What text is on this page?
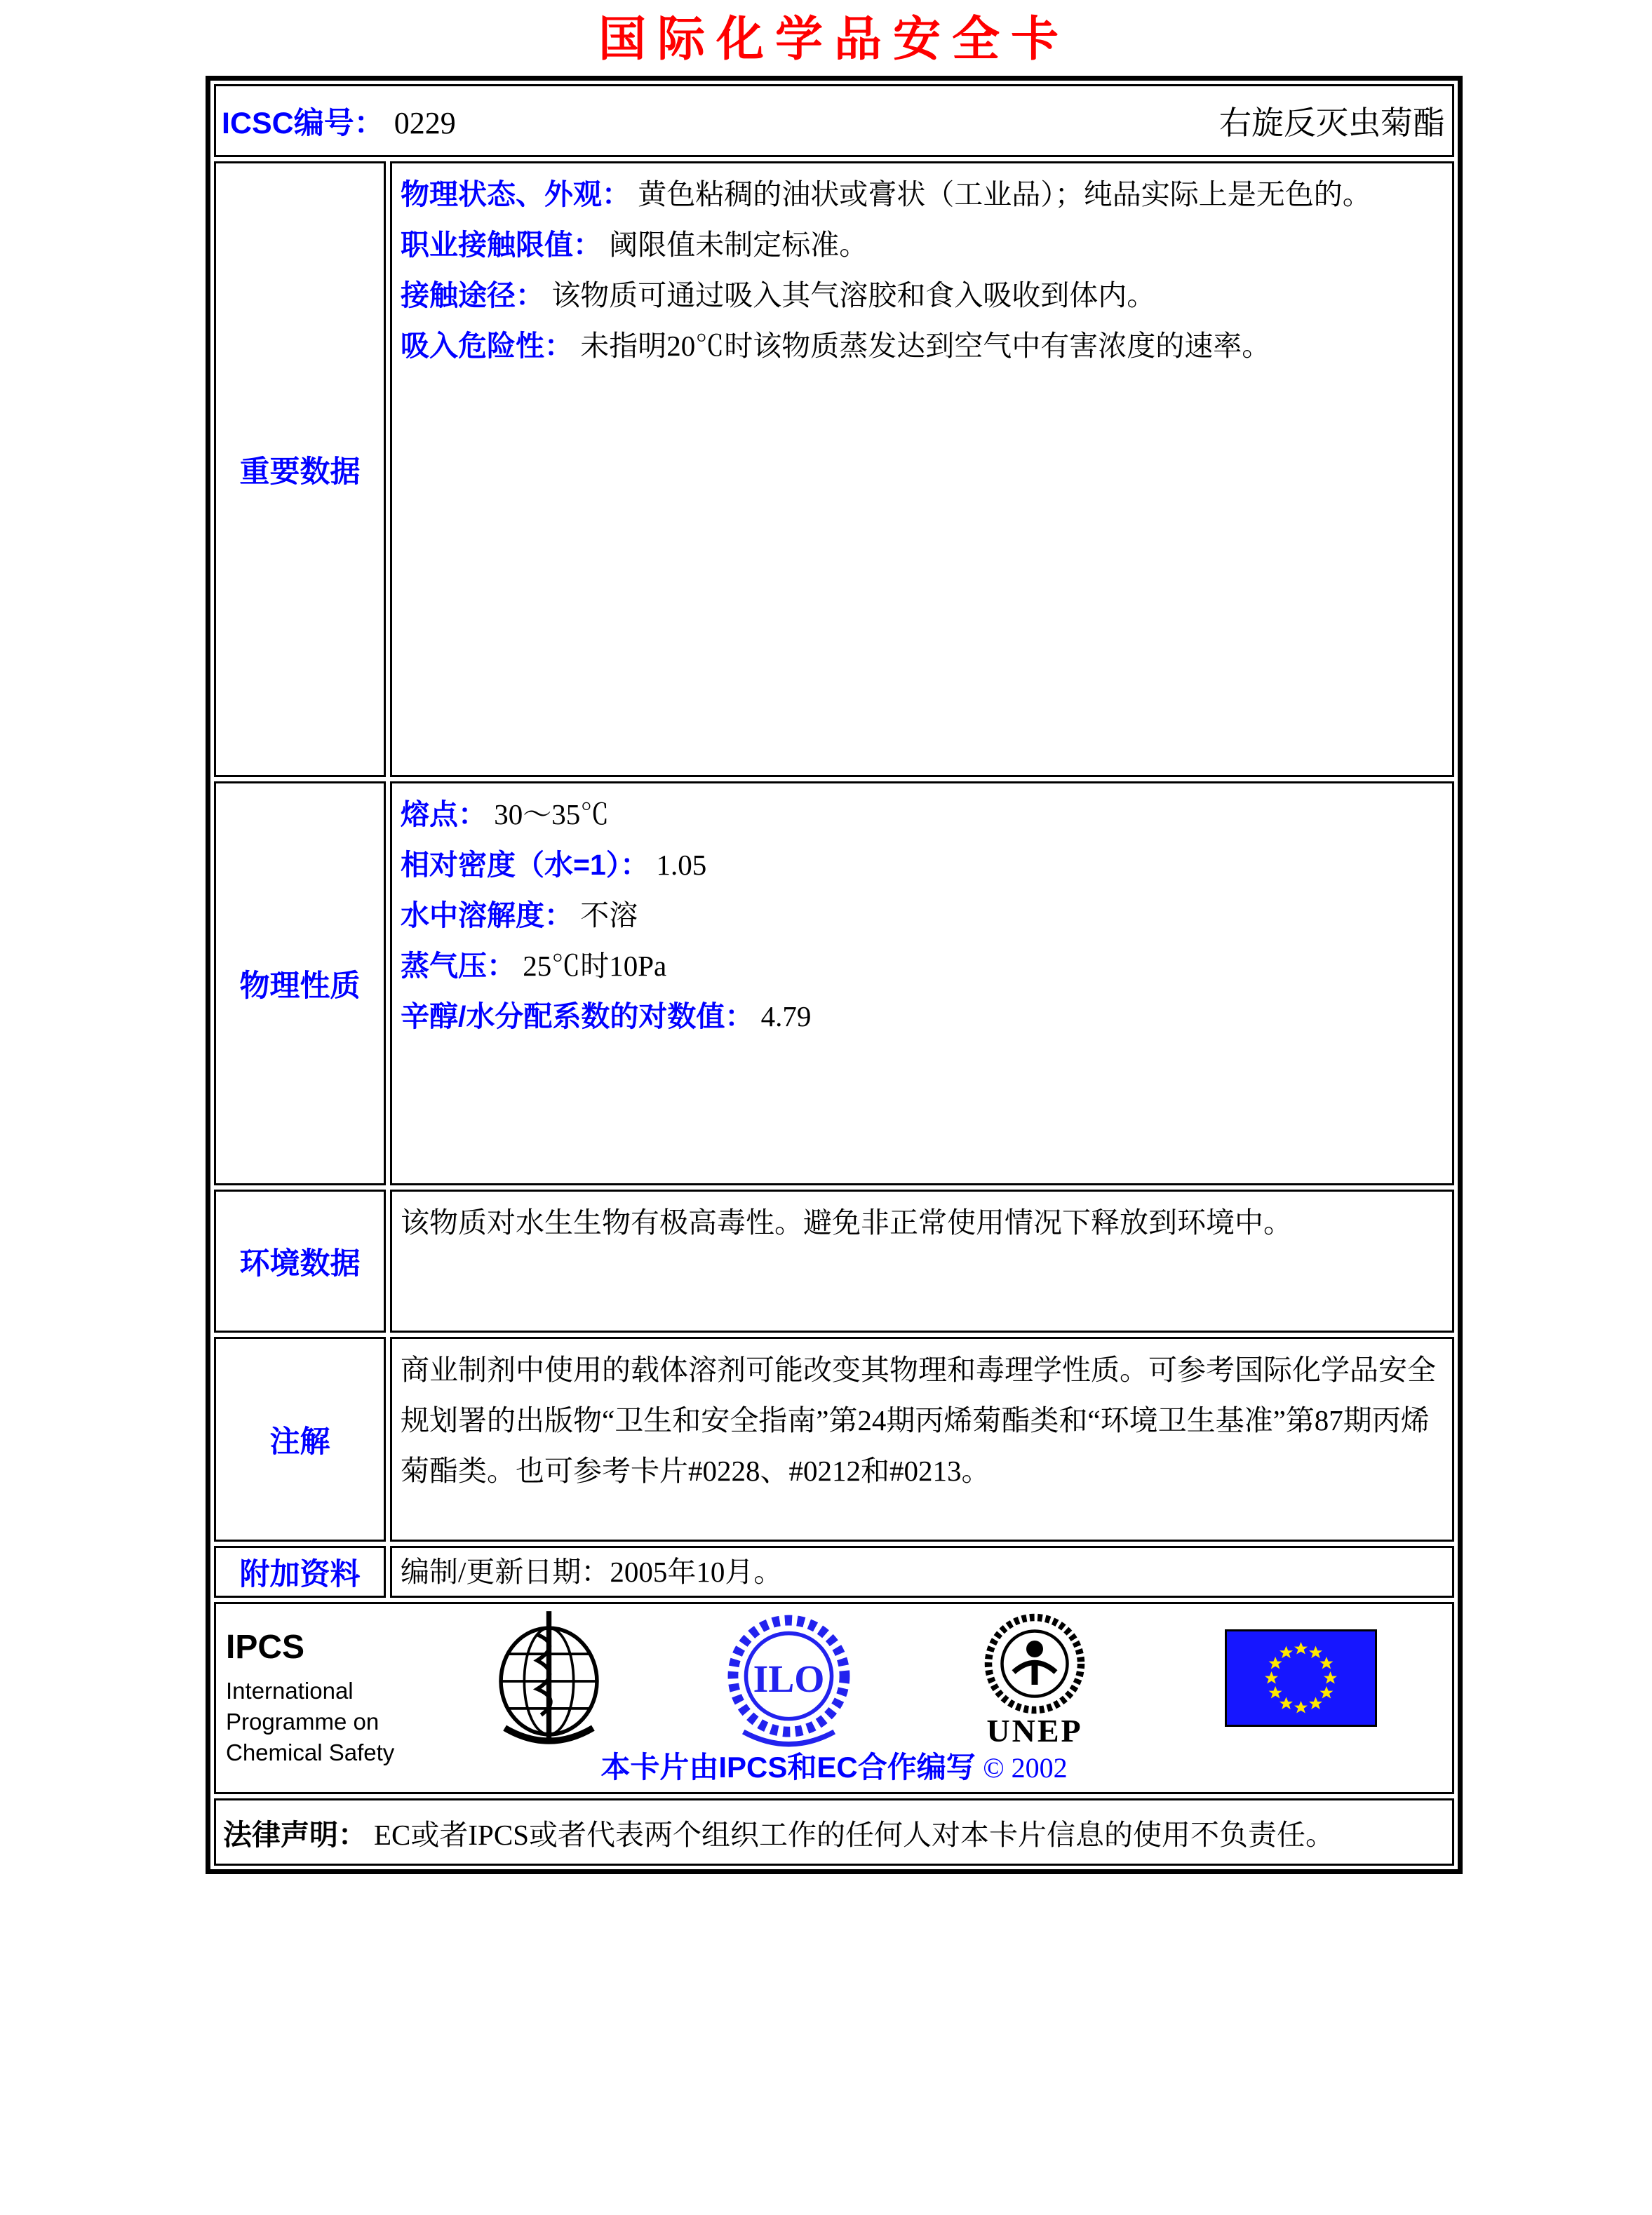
国际化学品安全卡
ICSC编号： 0229	右旋反灭虫菊酯
重要数据
物理状态、外观： 黄色粘稠的油状或膏状（工业品）；纯品实际上是无色的。
职业接触限值： 阈限值未制定标准。
接触途径： 该物质可通过吸入其气溶胶和食入吸收到体内。
吸入危险性： 未指明20℃时该物质蒸发达到空气中有害浓度的速率。
物理性质
熔点： 30～35℃
相对密度（水=1）： 1.05
水中溶解度： 不溶
蒸气压： 25℃时10Pa
辛醇/水分配系数的对数值： 4.79
环境数据
该物质对水生生物有极高毒性。避免非正常使用情况下释放到环境中。
注解
商业制剂中使用的载体溶剂可能改变其物理和毒理学性质。可参考国际化学品安全规划署的出版物“卫生和安全指南”第24期丙烯菊酯类和“环境卫生基准”第87期丙烯菊酯类。也可参考卡片#0228、#0212和#0213。
附加资料	编制/更新日期：2005年10月。
IPCS
International
Programme on
Chemical Safety
ILO
UNEP
本卡片由IPCS和EC合作编写 © 2002
法律声明： EC或者IPCS或者代表两个组织工作的任何人对本卡片信息的使用不负责任。
